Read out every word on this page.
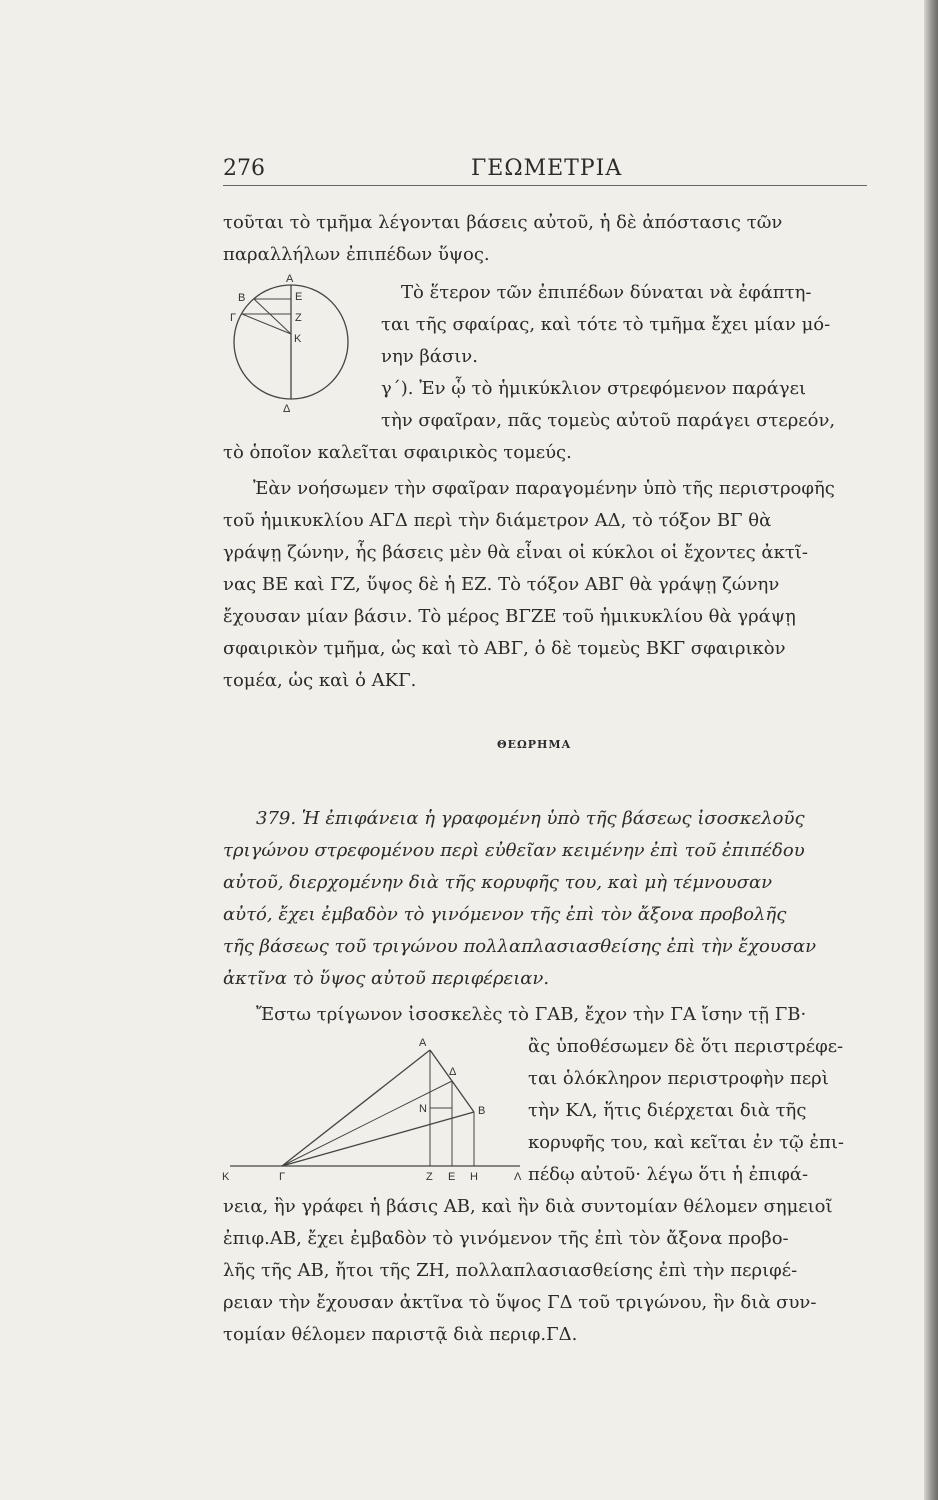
276	ΓΕΩΜΕΤΡΙΑ
τοῦται τὸ τμῆμα λέγονται βάσεις αὐτοῦ, ἡ δὲ ἀπόστασις τῶν
παραλλήλων ἐπιπέδων ὕψος.
Α
Β	Ε
Γ	Ζ
Κ
Δ
Τὸ ἕτερον τῶν ἐπιπέδων δύναται νὰ ἐφάπτη-
ται τῆς σφαίρας, καὶ τότε τὸ τμῆμα ἔχει μίαν μό-
νην βάσιν.
γ΄). Ἐν ᾧ τὸ ἡμικύκλιον στρεφόμενον παράγει
τὴν σφαῖραν, πᾶς τομεὺς αὐτοῦ παράγει στερεόν,
τὸ ὁποῖον καλεῖται σφαιρικὸς τομεύς.
Ἐὰν νοήσωμεν τὴν σφαῖραν παραγομένην ὑπὸ τῆς περιστροφῆς
τοῦ ἡμικυκλίου ΑΓΔ περὶ τὴν διάμετρον ΑΔ, τὸ τόξον ΒΓ θὰ
γράψῃ ζώνην, ἧς βάσεις μὲν θὰ εἶναι οἱ κύκλοι οἱ ἔχοντες ἀκτῖ-
νας ΒΕ καὶ ΓΖ, ὕψος δὲ ἡ ΕΖ. Τὸ τόξον ΑΒΓ θὰ γράψῃ ζώνην
ἔχουσαν μίαν βάσιν. Τὸ μέρος ΒΓΖΕ τοῦ ἡμικυκλίου θὰ γράψῃ
σφαιρικὸν τμῆμα, ὡς καὶ τὸ ΑΒΓ, ὁ δὲ τομεὺς ΒΚΓ σφαιρικὸν
τομέα, ὡς καὶ ὁ ΑΚΓ.
ΘΕΩΡΗΜΑ
379. Ἡ ἐπιφάνεια ἡ γραφομένη ὑπὸ τῆς βάσεως ἰσοσκελοῦς
τριγώνου στρεφομένου περὶ εὐθεῖαν κειμένην ἐπὶ τοῦ ἐπιπέδου
αὐτοῦ, διερχομένην διὰ τῆς κορυφῆς του, καὶ μὴ τέμνουσαν
αὐτό, ἔχει ἐμβαδὸν τὸ γινόμενον τῆς ἐπὶ τὸν ἄξονα προβολῆς
τῆς βάσεως τοῦ τριγώνου πολλαπλασιασθείσης ἐπὶ τὴν ἔχουσαν
ἀκτῖνα τὸ ὕψος αὐτοῦ περιφέρειαν.
Ἔστω τρίγωνον ἰσοσκελὲς τὸ ΓΑΒ, ἔχον τὴν ΓΑ ἴσην τῇ ΓΒ·
Α
Δ
Ν	Β
Κ	Γ	Ζ Ε Η	Λ
ἂς ὑποθέσωμεν δὲ ὅτι περιστρέφε-
ται ὁλόκληρον περιστροφὴν περὶ
τὴν ΚΛ, ἥτις διέρχεται διὰ τῆς
κορυφῆς του, καὶ κεῖται ἐν τῷ ἐπι-
πέδῳ αὐτοῦ· λέγω ὅτι ἡ ἐπιφά-
νεια, ἣν γράφει ἡ βάσις ΑΒ, καὶ ἣν διὰ συντομίαν θέλομεν σημειοῖ
ἐπιφ.ΑΒ, ἔχει ἐμβαδὸν τὸ γινόμενον τῆς ἐπὶ τὸν ἄξονα προβο-
λῆς τῆς ΑΒ, ἤτοι τῆς ΖΗ, πολλαπλασιασθείσης ἐπὶ τὴν περιφέ-
ρειαν τὴν ἔχουσαν ἀκτῖνα τὸ ὕψος ΓΔ τοῦ τριγώνου, ἣν διὰ συν-
τομίαν θέλομεν παριστᾷ διὰ περιφ.ΓΔ.
